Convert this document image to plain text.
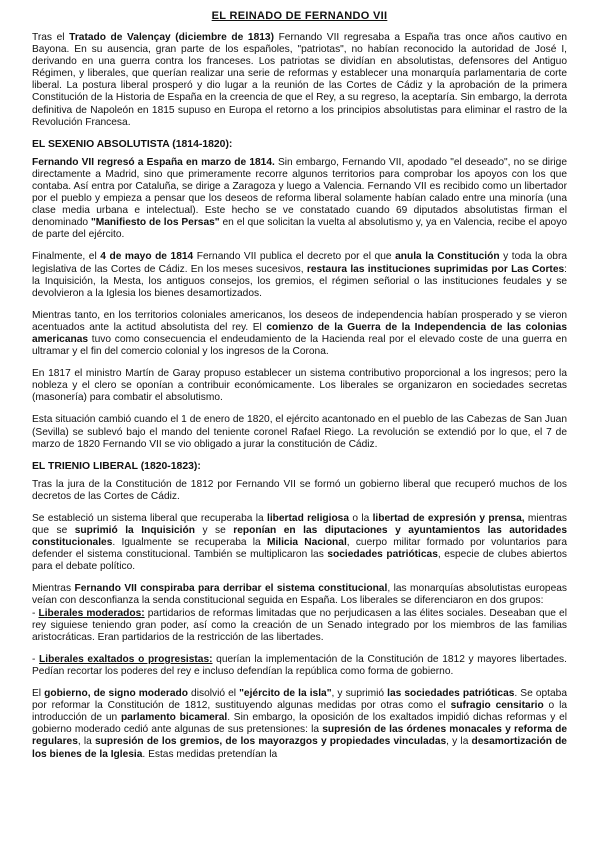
EL REINADO DE FERNANDO VII

Tras el Tratado de Valençay (diciembre de 1813) Fernando VII regresaba a España tras once años cautivo en Bayona. En su ausencia, gran parte de los españoles, "patriotas", no habían reconocido la autoridad de José I, derivando en una guerra contra los franceses. Los patriotas se dividían en absolutistas, defensores del Antiguo Régimen, y liberales, que querían realizar una serie de reformas y establecer una monarquía parlamentaria de corte liberal. La postura liberal prosperó y dio lugar a la reunión de las Cortes de Cádiz y la aprobación de la primera Constitución de la Historia de España en la creencia de que el Rey, a su regreso, la aceptaría. Sin embargo, la derrota definitiva de Napoleón en 1815 supuso en Europa el retorno a los principios absolutistas para eliminar el rastro de la Revolución Francesa.

EL SEXENIO ABSOLUTISTA (1814-1820):

Fernando VII regresó a España en marzo de 1814. Sin embargo, Fernando VII, apodado "el deseado", no se dirige directamente a Madrid, sino que primeramente recorre algunos territorios para comprobar los apoyos con los que contaba. Así entra por Cataluña, se dirige a Zaragoza y luego a Valencia. Fernando VII es recibido como un libertador por el pueblo y empieza a pensar que los deseos de reforma liberal solamente habían calado entre una minoría (una clase media urbana e intelectual). Este hecho se ve constatado cuando 69 diputados absolutistas firman el denominado "Manifiesto de los Persas" en el que solicitan la vuelta al absolutismo y, ya en Valencia, recibe el apoyo de parte del ejército.

Finalmente, el 4 de mayo de 1814 Fernando VII publica el decreto por el que anula la Constitución y toda la obra legislativa de las Cortes de Cádiz. En los meses sucesivos, restaura las instituciones suprimidas por Las Cortes: la Inquisición, la Mesta, los antiguos consejos, los gremios, el régimen señorial o las instituciones feudales y se devolvieron a la Iglesia los bienes desamortizados.

Mientras tanto, en los territorios coloniales americanos, los deseos de independencia habían prosperado y se vieron acentuados ante la actitud absolutista del rey. El comienzo de la Guerra de la Independencia de las colonias americanas tuvo como consecuencia el endeudamiento de la Hacienda real por el elevado coste de una guerra en ultramar y el fin del comercio colonial y los ingresos de la Corona.

En 1817 el ministro Martín de Garay propuso establecer un sistema contributivo proporcional a los ingresos; pero la nobleza y el clero se oponían a contribuir económicamente. Los liberales se organizaron en sociedades secretas (masonería) para combatir el absolutismo.

Esta situación cambió cuando el 1 de enero de 1820, el ejército acantonado en el pueblo de las Cabezas de San Juan (Sevilla) se sublevó bajo el mando del teniente coronel Rafael Riego. La revolución se extendió por lo que, el 7 de marzo de 1820 Fernando VII se vio obligado a jurar la constitución de Cádiz.

EL TRIENIO LIBERAL (1820-1823):

Tras la jura de la Constitución de 1812 por Fernando VII se formó un gobierno liberal que recuperó muchos de los decretos de las Cortes de Cádiz.

Se estableció un sistema liberal que recuperaba la libertad religiosa o la libertad de expresión y prensa, mientras que se suprimió la Inquisición y se reponían en las diputaciones y ayuntamientos las autoridades constitucionales. Igualmente se recuperaba la Milicia Nacional, cuerpo militar formado por voluntarios para defender el sistema constitucional. También se multiplicaron las sociedades patrióticas, especie de clubes abiertos para el debate político.

Mientras Fernando VII conspiraba para derribar el sistema constitucional, las monarquías absolutistas europeas veían con desconfianza la senda constitucional seguida en España. Los liberales se diferenciaron en dos grupos:
- Liberales moderados: partidarios de reformas limitadas que no perjudicasen a las élites sociales. Deseaban que el rey siguiese teniendo gran poder, así como la creación de un Senado integrado por los miembros de las familias aristocráticas. Eran partidarios de la restricción de las libertades.

- Liberales exaltados o progresistas: querían la implementación de la Constitución de 1812 y mayores libertades. Pedían recortar los poderes del rey e incluso defendían la república como forma de gobierno.

El gobierno, de signo moderado disolvió el "ejército de la isla", y suprimió las sociedades patrióticas. Se optaba por reformar la Constitución de 1812, sustituyendo algunas medidas por otras como el sufragio censitario o la introducción de un parlamento bicameral. Sin embargo, la oposición de los exaltados impidió dichas reformas y el gobierno moderado cedió ante algunas de sus pretensiones: la supresión de las órdenes monacales y reforma de regulares, la supresión de los gremios, de los mayorazgos y propiedades vinculadas, y la desamortización de los bienes de la Iglesia. Estas medidas pretendían la
